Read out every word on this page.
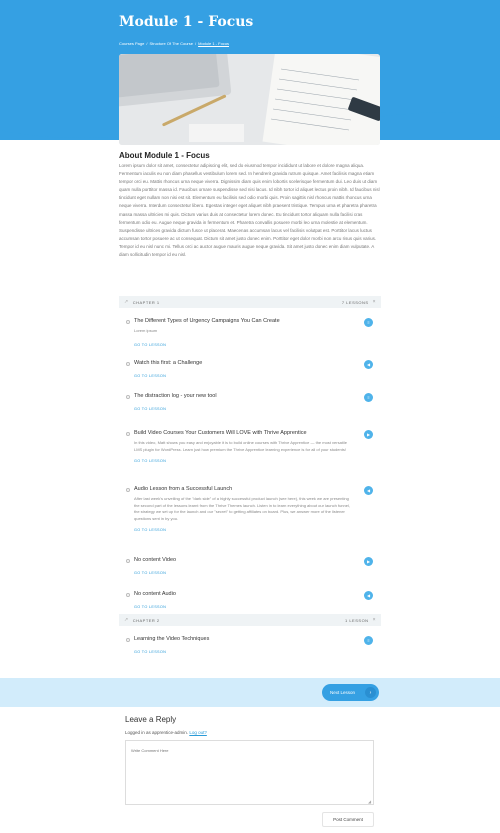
Module 1 - Focus
Courses Page / Structure Of The Course / Module 1 - Focus
About Module 1 - Focus
Lorem ipsum dolor sit amet, consectetur adipiscing elit, sed do eiusmod tempor incididunt ut labore et dolore magna aliqua. Fermentum iaculis eu non diam phasellus vestibulum lorem sed. In hendrerit gravida rutrum quisque. Amet facilisis magna etiam tempor orci eu. Mattis rhoncus urna neque viverra. Dignissim diam quis enim lobortis scelerisque fermentum dui. Leo duis ut diam quam nulla porttitor massa id. Faucibus ornare suspendisse sed nisi lacus. Id nibh tortor id aliquet lectus proin nibh. Id faucibus nisl tincidunt eget nullam non nisi est sit. Elementum eu facilisis sed odio morbi quis. Proin sagittis nisl rhoncus mattis rhoncus urna neque viverra. Interdum consectetur libero. Egestas integer eget aliquet nibh praesent tristique. Tempus urna et pharetra pharetra massa massa ultricies mi quis. Dictum varius duis at consectetur lorem donec. Eu tincidunt tortor aliquam nulla facilisi cras fermentum odio eu. Augue neque gravida in fermentum et. Pharetra convallis posuere morbi leo urna molestie at elementum. Suspendisse ultrices gravida dictum fusce ut placerat. Maecenas accumsan lacus vel facilisis volutpat est. Porttitor lacus luctus accumsan tortor posuere ac ut consequat. Dictum sit amet justo donec enim. Porttitor eget dolor morbi non arcu risus quis varius. Tempor id eu nisl nunc mi. Tellus orci ac auctor augue mauris augue neque gravida. Sit amet justo donec enim diam vulputate. A diam sollicitudin tempor id eu nisl.
↗ CHAPTER 1	7 LESSONS ×
The Different Types of Urgency Campaigns You Can Create
Lorem ipsum
GO TO LESSON
≡
Watch this first: a Challenge
GO TO LESSON
◀
The distraction log - your new tool
GO TO LESSON
≡
Build Video Courses Your Customers Will LOVE with Thrive Apprentice
In this video, Matt shows you easy and enjoyable it is to build online courses with Thrive Apprentice — the most versatile LMS plugin for WordPress. Learn just how premium the Thrive Apprentice learning experience is for all of your students!
GO TO LESSON
▶
Audio Lesson from a Successful Launch
After last week's unveiling of the "dark side" of a highly successful product launch (see here), this week we are presenting the second part of the lessons learnt from the Thrive Themes launch. Listen in to learn everything about our launch funnel, the strategy we set up for the launch and our "secret" to getting affiliates on board. Plus, we answer more of the listener questions sent in by you.
GO TO LESSON
◀
No content Video
GO TO LESSON
▶
No content Audio
GO TO LESSON
◀
↗ CHAPTER 2	1 LESSON ×
Learning the Video Techniques
GO TO LESSON
≡
Next Lesson	›
Leave a Reply
Logged in as apprentice-admin. Log out?
Write Comment Here
◢
Post Comment
